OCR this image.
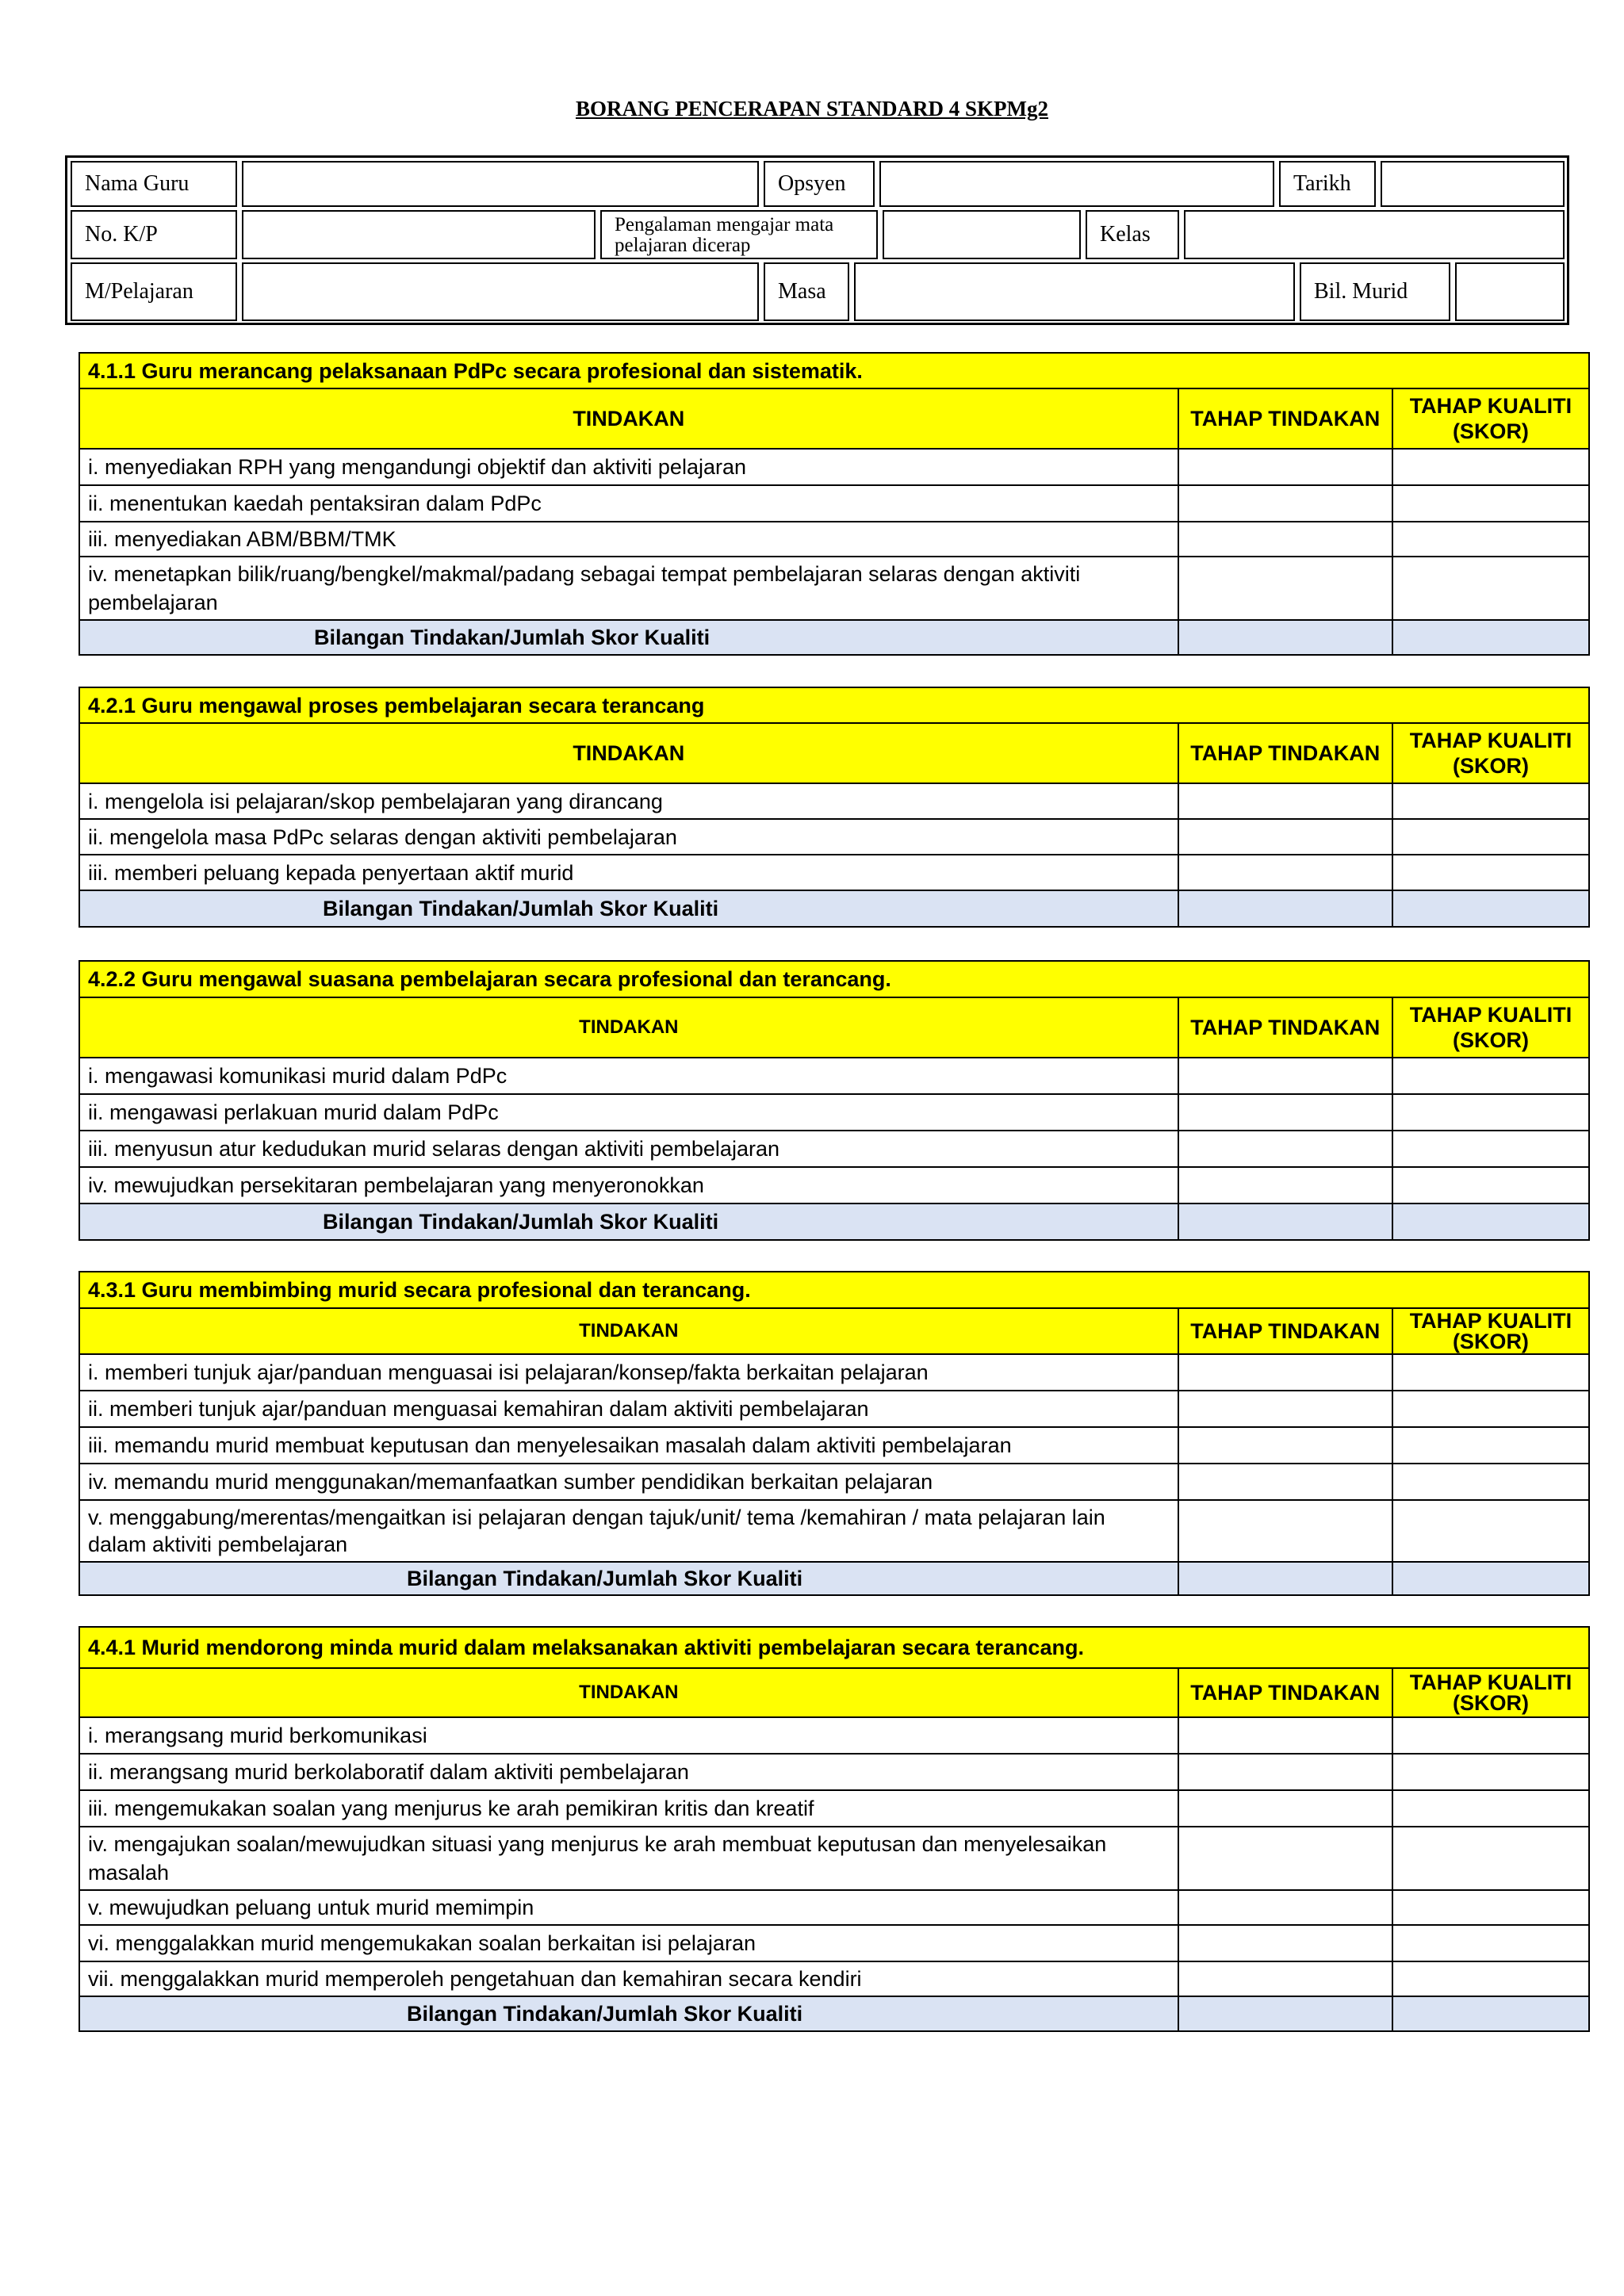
BORANG PENCERAPAN STANDARD 4 SKPMg2
Nama Guru	Opsyen	Tarikh
No. K/P	Pengalaman mengajar mata pelajaran dicerap	Kelas
M/Pelajaran	Masa	Bil. Murid
4.1.1 Guru merancang pelaksanaan PdPc secara profesional dan sistematik.		
TINDAKAN	TAHAP TINDAKAN	TAHAP KUALITI (SKOR)
i. menyediakan RPH yang mengandungi objektif dan aktiviti pelajaran		
ii. menentukan kaedah pentaksiran dalam PdPc		
iii. menyediakan ABM/BBM/TMK		
iv. menetapkan bilik/ruang/bengkel/makmal/padang sebagai tempat pembelajaran selaras dengan aktiviti pembelajaran		
Bilangan Tindakan/Jumlah Skor Kualiti		
4.2.1 Guru mengawal proses pembelajaran secara terancang		
TINDAKAN	TAHAP TINDAKAN	TAHAP KUALITI (SKOR)
i. mengelola isi pelajaran/skop pembelajaran yang dirancang		
ii. mengelola masa PdPc selaras dengan aktiviti pembelajaran		
iii. memberi peluang kepada penyertaan aktif murid		
Bilangan Tindakan/Jumlah Skor Kualiti		
4.2.2 Guru mengawal suasana pembelajaran secara profesional dan terancang.		
TINDAKAN	TAHAP TINDAKAN	TAHAP KUALITI (SKOR)
i. mengawasi komunikasi murid dalam PdPc		
ii. mengawasi perlakuan murid dalam PdPc		
iii. menyusun atur kedudukan murid selaras dengan aktiviti pembelajaran		
iv. mewujudkan persekitaran pembelajaran yang menyeronokkan		
Bilangan Tindakan/Jumlah Skor Kualiti		
4.3.1 Guru membimbing murid secara profesional dan terancang.		
TINDAKAN	TAHAP TINDAKAN	TAHAP KUALITI (SKOR)
i. memberi tunjuk ajar/panduan menguasai isi pelajaran/konsep/fakta berkaitan pelajaran		
ii. memberi tunjuk ajar/panduan menguasai kemahiran dalam aktiviti pembelajaran		
iii. memandu murid membuat keputusan dan menyelesaikan masalah dalam aktiviti pembelajaran		
iv. memandu murid menggunakan/memanfaatkan sumber pendidikan berkaitan pelajaran		
v. menggabung/merentas/mengaitkan isi pelajaran dengan tajuk/unit/ tema /kemahiran / mata pelajaran lain dalam aktiviti pembelajaran		
Bilangan Tindakan/Jumlah Skor Kualiti		
4.4.1 Murid mendorong minda murid dalam melaksanakan aktiviti pembelajaran secara terancang.		
TINDAKAN	TAHAP TINDAKAN	TAHAP KUALITI (SKOR)
i. merangsang murid berkomunikasi		
ii. merangsang murid berkolaboratif dalam aktiviti pembelajaran		
iii. mengemukakan soalan yang menjurus ke arah pemikiran kritis dan kreatif		
iv. mengajukan soalan/mewujudkan situasi yang menjurus ke arah membuat keputusan dan menyelesaikan masalah		
v. mewujudkan peluang untuk murid memimpin		
vi. menggalakkan murid mengemukakan soalan berkaitan isi pelajaran		
vii. menggalakkan murid memperoleh pengetahuan dan kemahiran secara kendiri		
Bilangan Tindakan/Jumlah Skor Kualiti		
